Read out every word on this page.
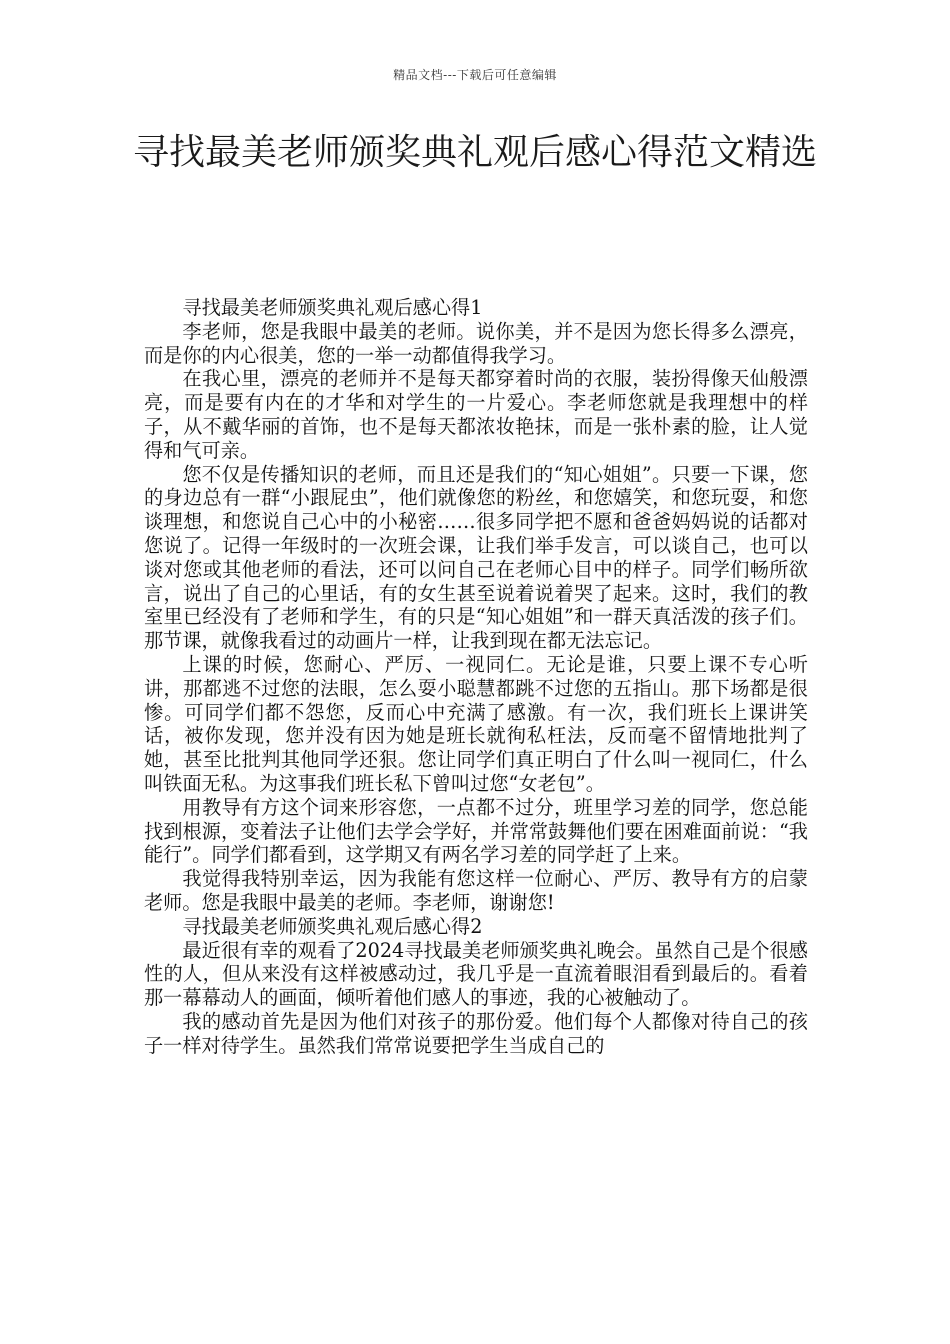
精品文档---下载后可任意编辑
寻找最美老师颁奖典礼观后感心得范文精选

寻找最美老师颁奖典礼观后感心得1

李老师，您是我眼中最美的老师。说你美，并不是因为您长得多么漂亮，而是你的内心很美，您的一举一动都值得我学习。

在我心里，漂亮的老师并不是每天都穿着时尚的衣服，装扮得像天仙般漂亮，而是要有内在的才华和对学生的一片爱心。李老师您就是我理想中的样子，从不戴华丽的首饰，也不是每天都浓妆艳抹，而是一张朴素的脸，让人觉得和气可亲。

您不仅是传播知识的老师，而且还是我们的“知心姐姐”。只要一下课，您的身边总有一群“小跟屁虫”，他们就像您的粉丝，和您嬉笑，和您玩耍，和您谈理想，和您说自己心中的小秘密……很多同学把不愿和爸爸妈妈说的话都对您说了。记得一年级时的一次班会课，让我们举手发言，可以谈自己，也可以谈对您或其他老师的看法，还可以问自己在老师心目中的样子。同学们畅所欲言，说出了自己的心里话，有的女生甚至说着说着哭了起来。这时，我们的教室里已经没有了老师和学生，有的只是“知心姐姐”和一群天真活泼的孩子们。那节课，就像我看过的动画片一样，让我到现在都无法忘记。

上课的时候，您耐心、严厉、一视同仁。无论是谁，只要上课不专心听讲，那都逃不过您的法眼，怎么耍小聪慧都跳不过您的五指山。那下场都是很惨。可同学们都不怨您，反而心中充满了感激。有一次，我们班长上课讲笑话，被你发现，您并没有因为她是班长就徇私枉法，反而毫不留情地批判了她，甚至比批判其他同学还狠。您让同学们真正明白了什么叫一视同仁，什么叫铁面无私。为这事我们班长私下曾叫过您“女老包”。

用教导有方这个词来形容您，一点都不过分，班里学习差的同学，您总能找到根源，变着法子让他们去学会学好，并常常鼓舞他们要在困难面前说：“我能行”。同学们都看到，这学期又有两名学习差的同学赶了上来。

我觉得我特别幸运，因为我能有您这样一位耐心、严厉、教导有方的启蒙老师。您是我眼中最美的老师。李老师，谢谢您!

寻找最美老师颁奖典礼观后感心得2

最近很有幸的观看了2024寻找最美老师颁奖典礼晚会。虽然自己是个很感性的人，但从来没有这样被感动过，我几乎是一直流着眼泪看到最后的。看着那一幕幕动人的画面，倾听着他们感人的事迹，我的心被触动了。

我的感动首先是因为他们对孩子的那份爱。他们每个人都像对待自己的孩子一样对待学生。虽然我们常常说要把学生当成自己的
